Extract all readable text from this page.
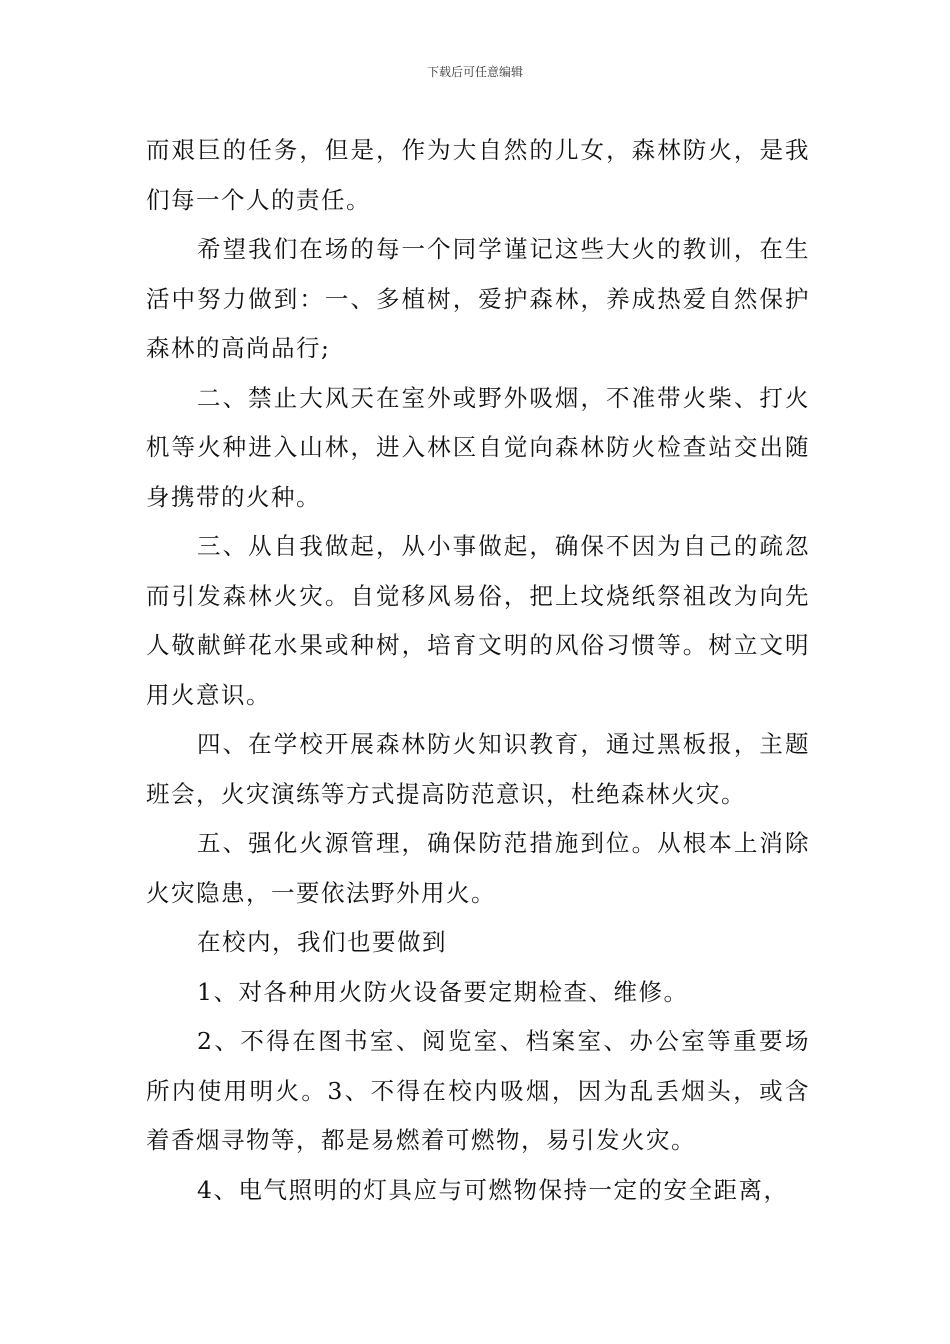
下载后可任意编辑

而艰巨的任务，但是，作为大自然的儿女，森林防火，是我们每一个人的责任。

希望我们在场的每一个同学谨记这些大火的教训，在生活中努力做到：一、多植树，爱护森林，养成热爱自然保护森林的高尚品行;

二、禁止大风天在室外或野外吸烟，不准带火柴、打火机等火种进入山林，进入林区自觉向森林防火检查站交出随身携带的火种。

三、从自我做起，从小事做起，确保不因为自己的疏忽而引发森林火灾。自觉移风易俗，把上坟烧纸祭祖改为向先人敬献鲜花水果或种树，培育文明的风俗习惯等。树立文明用火意识。

四、在学校开展森林防火知识教育，通过黑板报，主题班会，火灾演练等方式提高防范意识，杜绝森林火灾。

五、强化火源管理，确保防范措施到位。从根本上消除火灾隐患，一要依法野外用火。

在校内，我们也要做到

1、对各种用火防火设备要定期检查、维修。

2、不得在图书室、阅览室、档案室、办公室等重要场所内使用明火。3、不得在校内吸烟，因为乱丢烟头，或含着香烟寻物等，都是易燃着可燃物，易引发火灾。

4、电气照明的灯具应与可燃物保持一定的安全距离，
